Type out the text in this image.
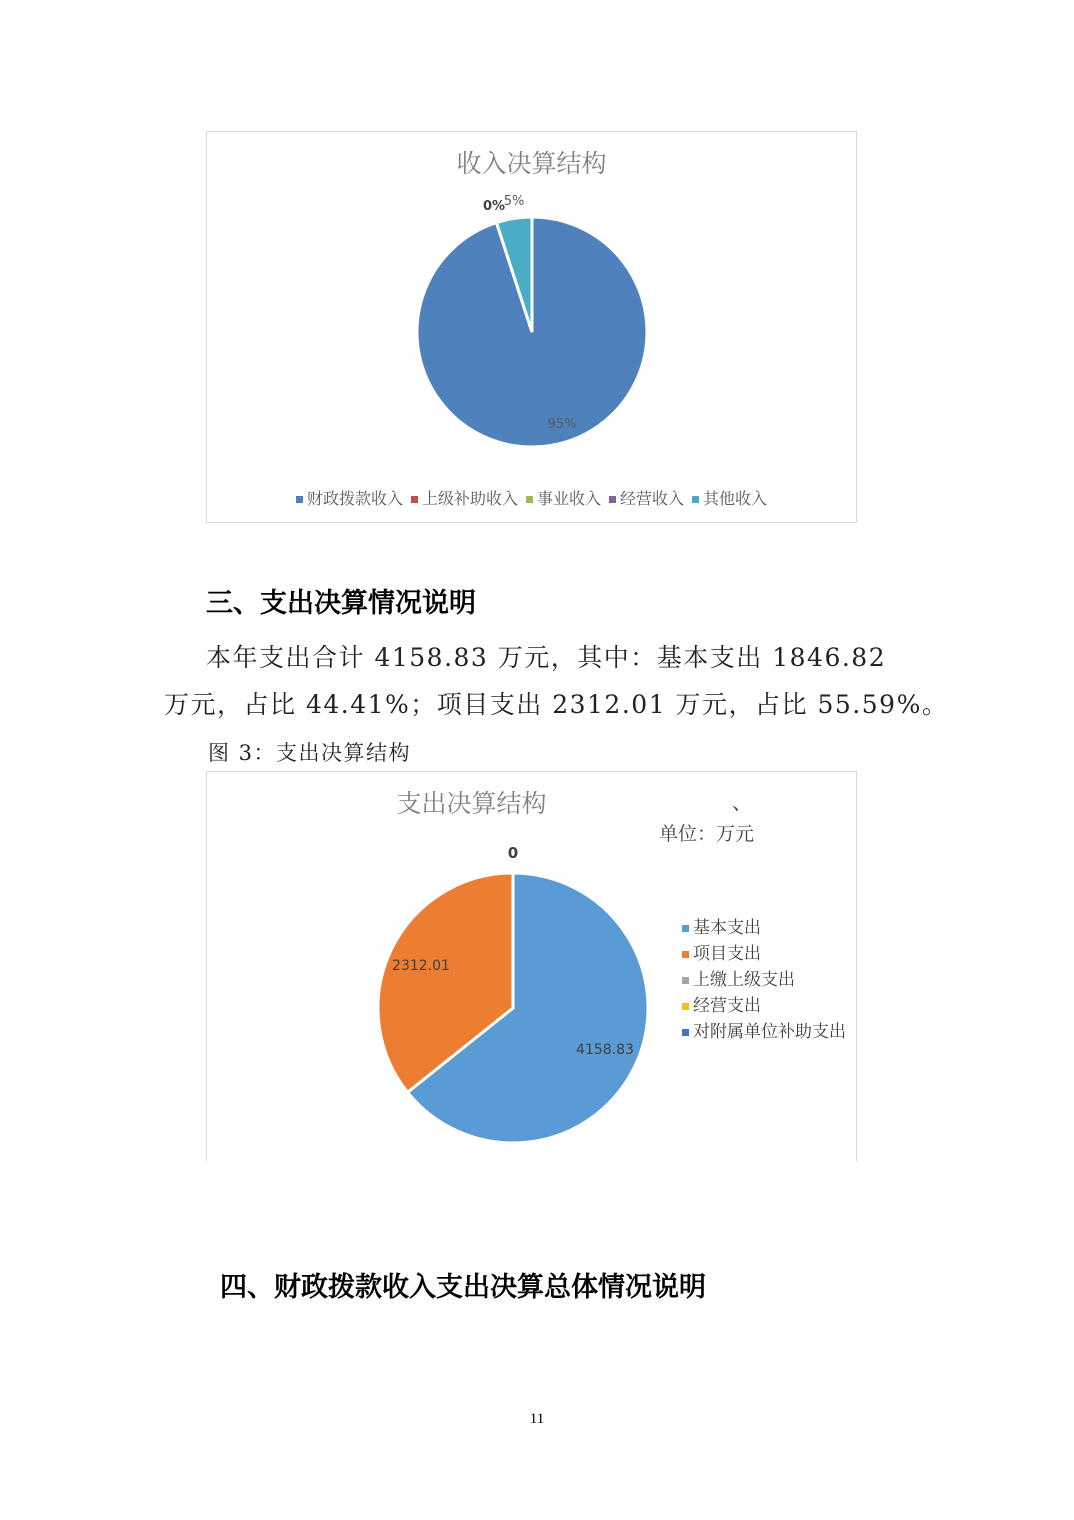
收入决算结构
95%
0%
5%
财政拨款收入 上级补助收入 事业收入 经营收入 其他收入
三、支出决算情况说明
本年支出合计 4158.83 万元，其中：基本支出 1846.82
万元，占比 44.41%；项目支出 2312.01 万元，占比 55.59%。
图 3：支出决算结构
支出决算结构	、
单位：万元
4158.83
2312.01
0
基本支出
项目支出
上缴上级支出
经营支出
对附属单位补助支出
四、财政拨款收入支出决算总体情况说明
11
